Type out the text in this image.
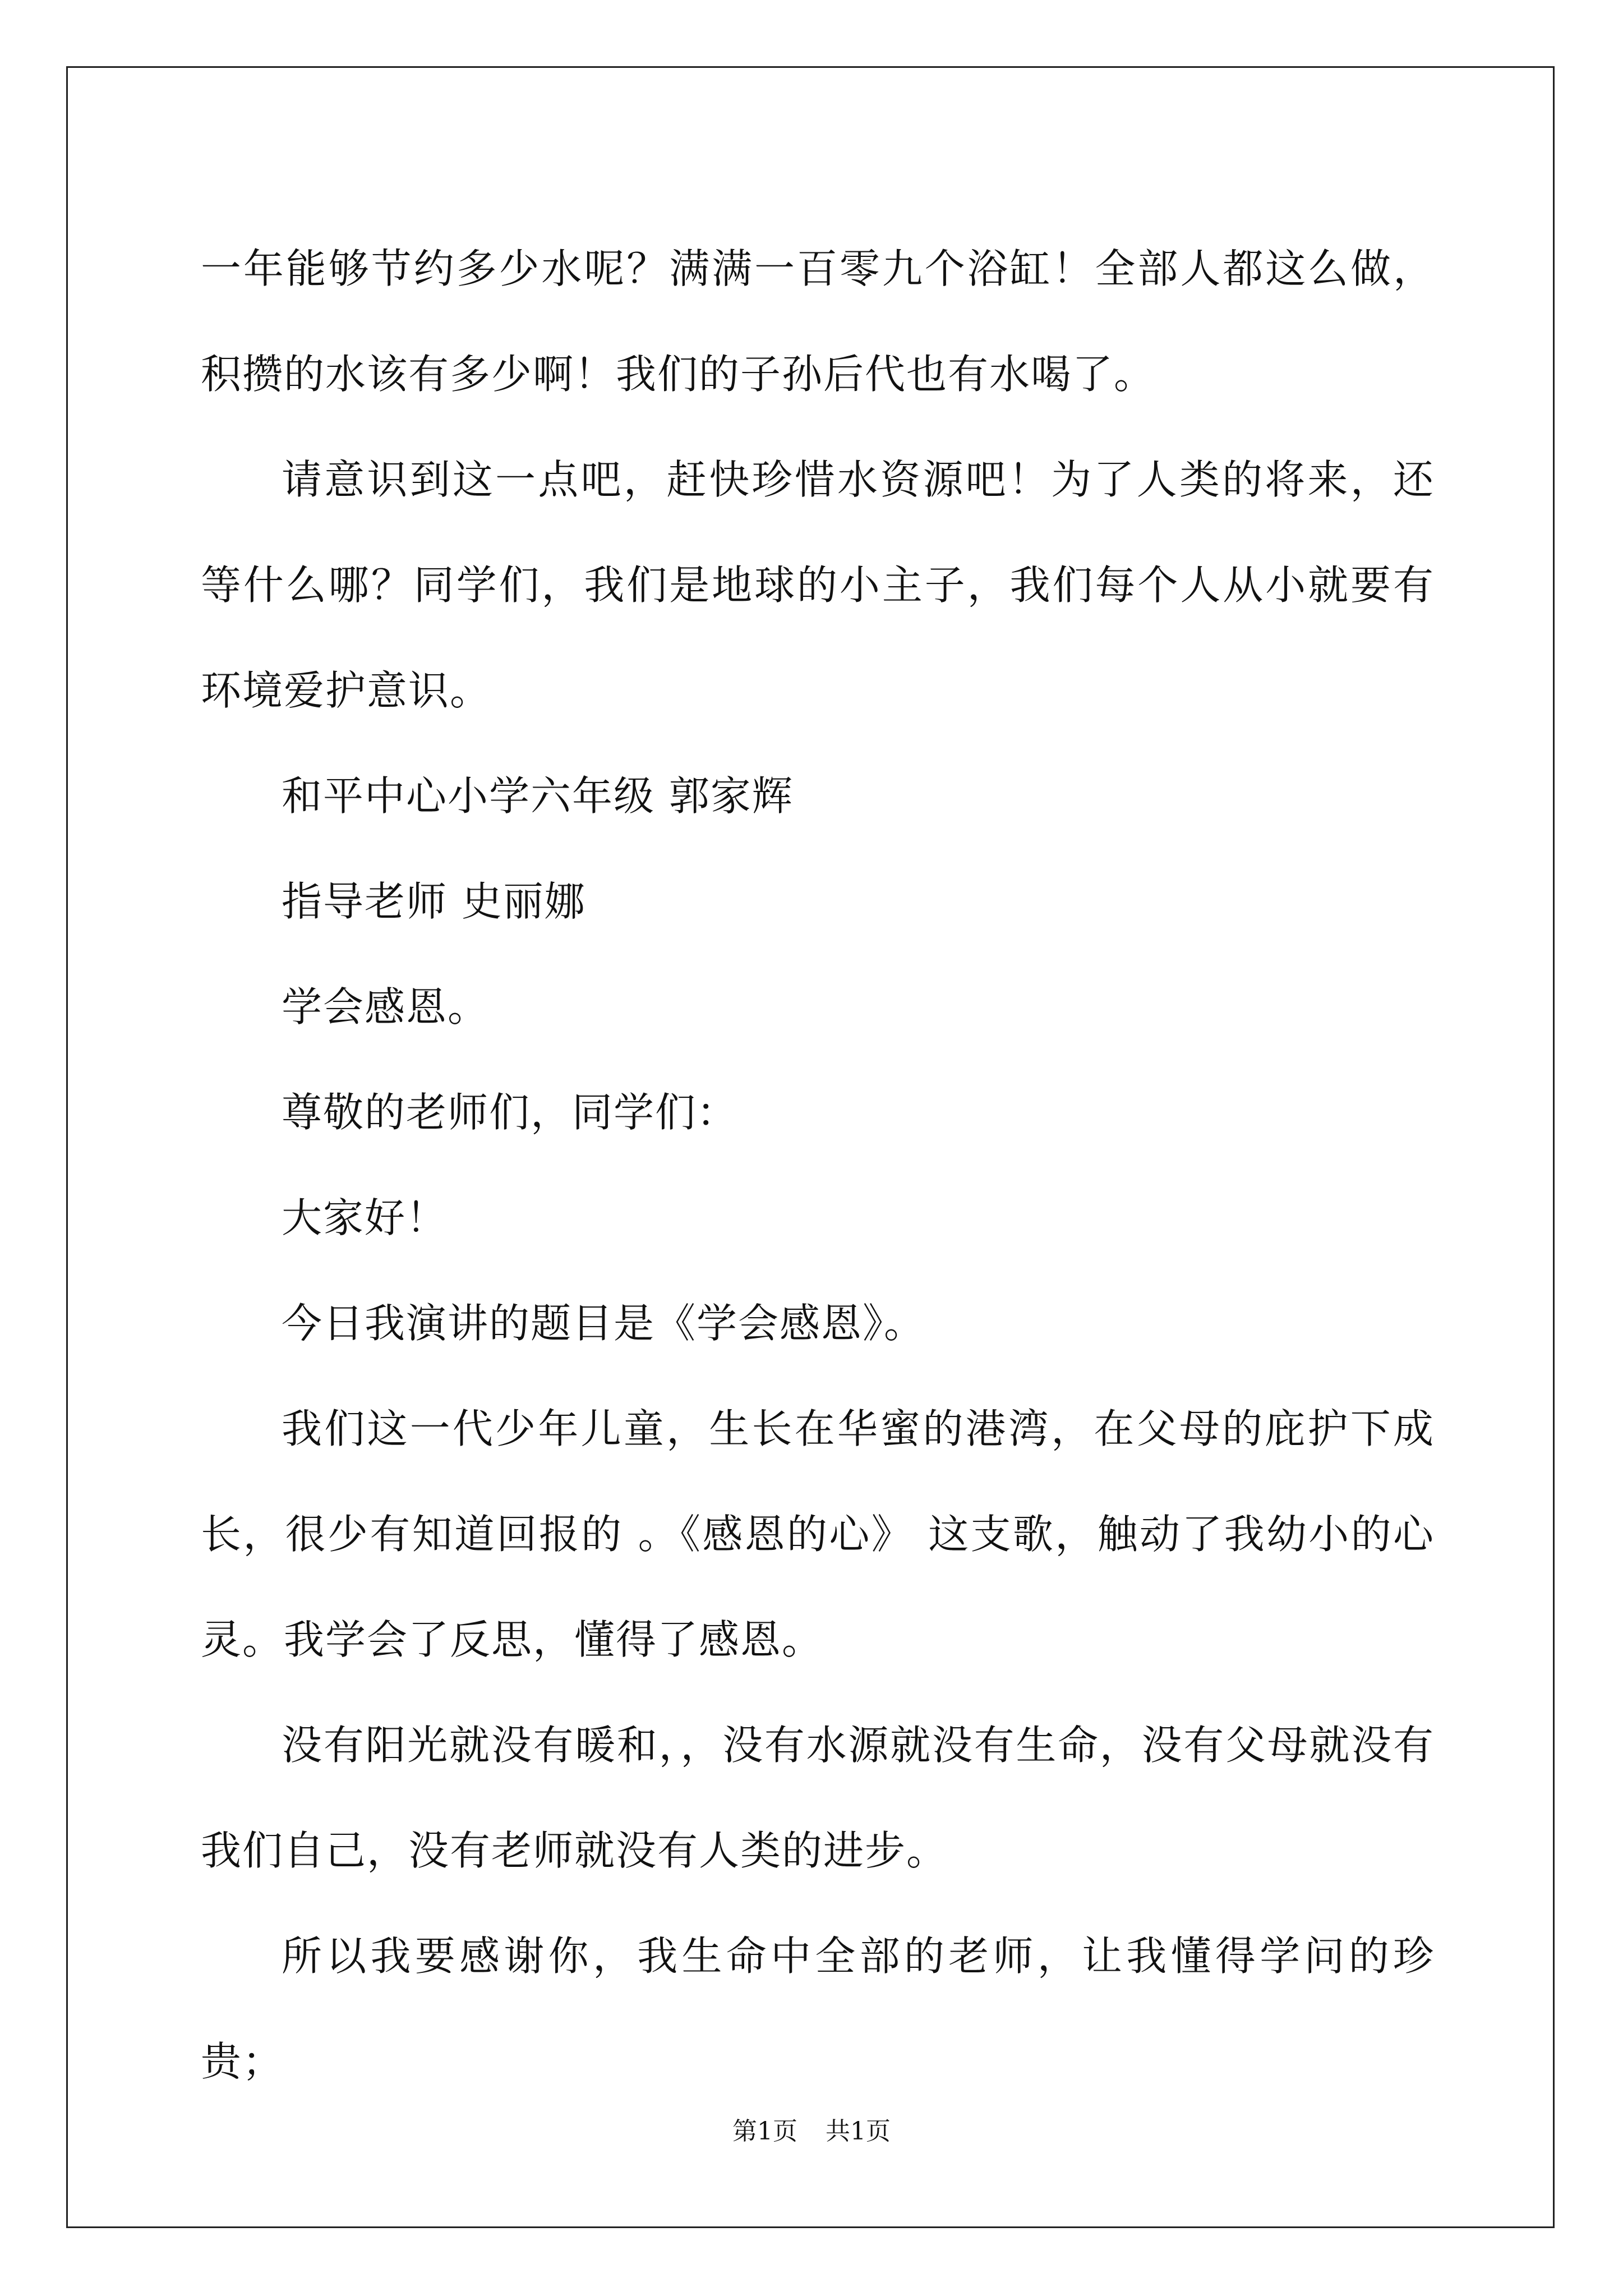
一年能够节约多少水呢？满满一百零九个浴缸！全部人都这么做，积攒的水该有多少啊！我们的子孙后代也有水喝了。

请意识到这一点吧，赶快珍惜水资源吧！为了人类的将来，还等什么哪？同学们，我们是地球的小主子，我们每个人从小就要有环境爱护意识。

和平中心小学六年级 郭家辉

指导老师 史丽娜

学会感恩。

尊敬的老师们，同学们：

大家好！

今日我演讲的题目是《学会感恩》。

我们这一代少年儿童，生长在华蜜的港湾，在父母的庇护下成长，很少有知道回报的 。《感恩的心》 这支歌，触动了我幼小的心灵。我学会了反思，懂得了感恩。

没有阳光就没有暖和，，没有水源就没有生命，没有父母就没有我们自己，没有老师就没有人类的进步。

所以我要感谢你，我生命中全部的老师，让我懂得学问的珍贵；

第1页 共1页
